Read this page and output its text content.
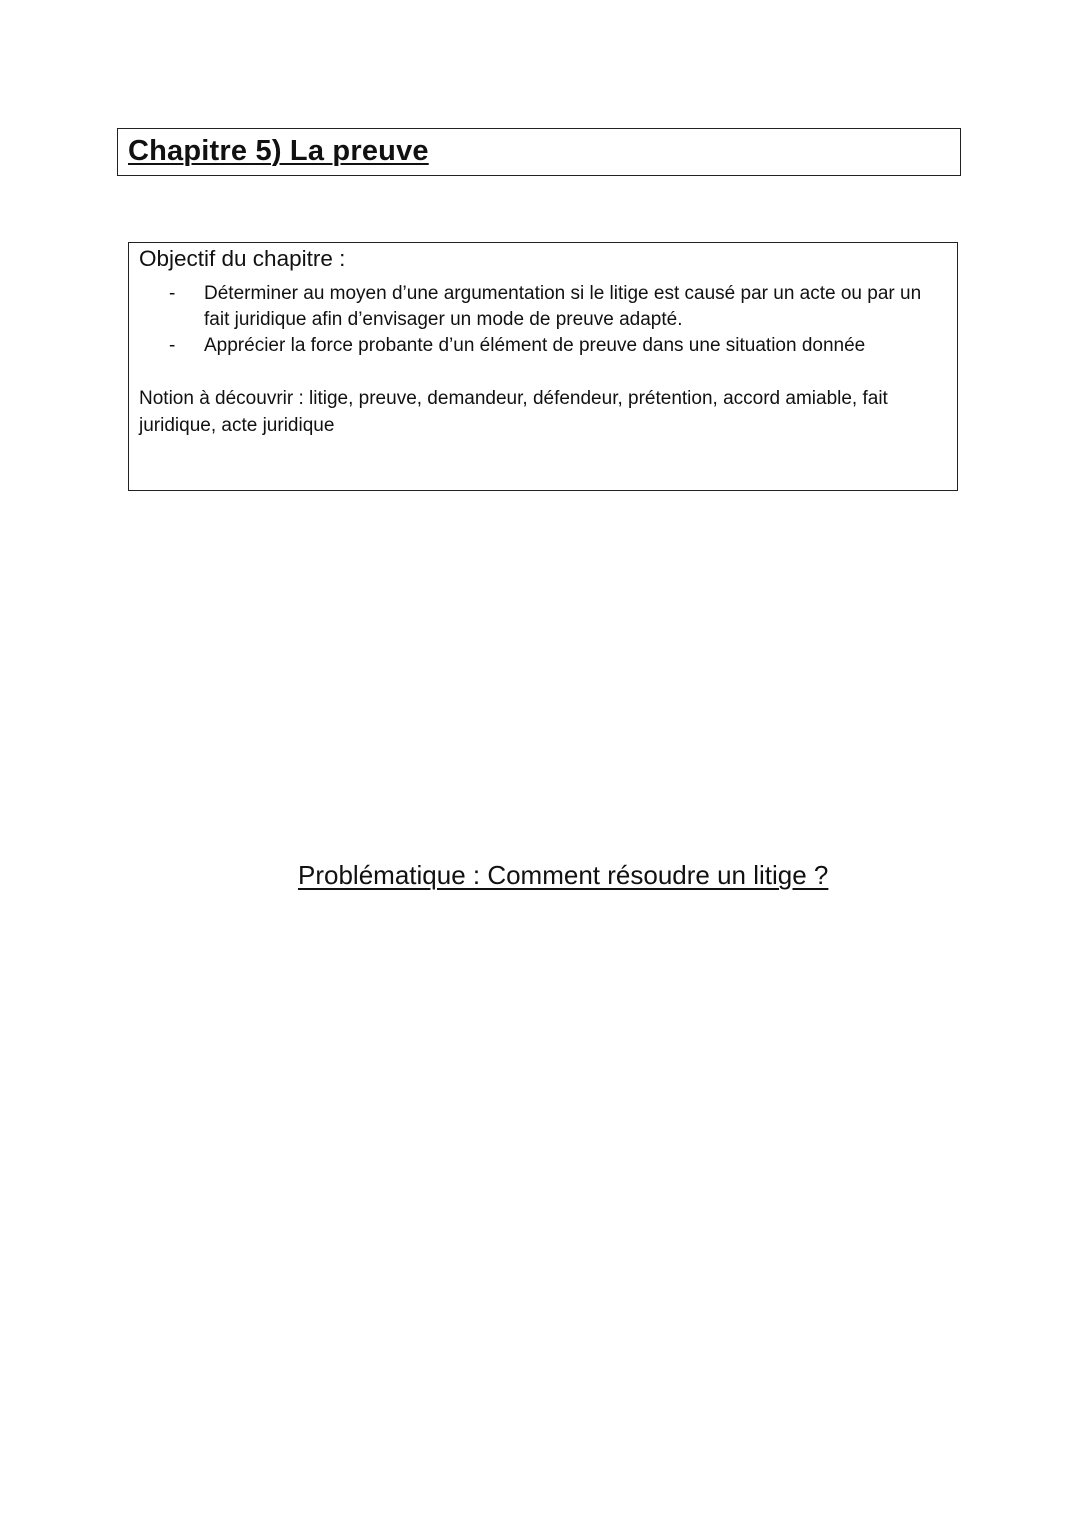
Chapitre 5) La preuve
Objectif du chapitre :
- Déterminer au moyen d’une argumentation si le litige est causé par un acte ou par un fait juridique afin d’envisager un mode de preuve adapté.
- Apprécier la force probante d’un élément de preuve dans une situation donnée
Notion à découvrir : litige, preuve, demandeur, défendeur, prétention, accord amiable, fait juridique, acte juridique
Problématique : Comment résoudre un litige ?
